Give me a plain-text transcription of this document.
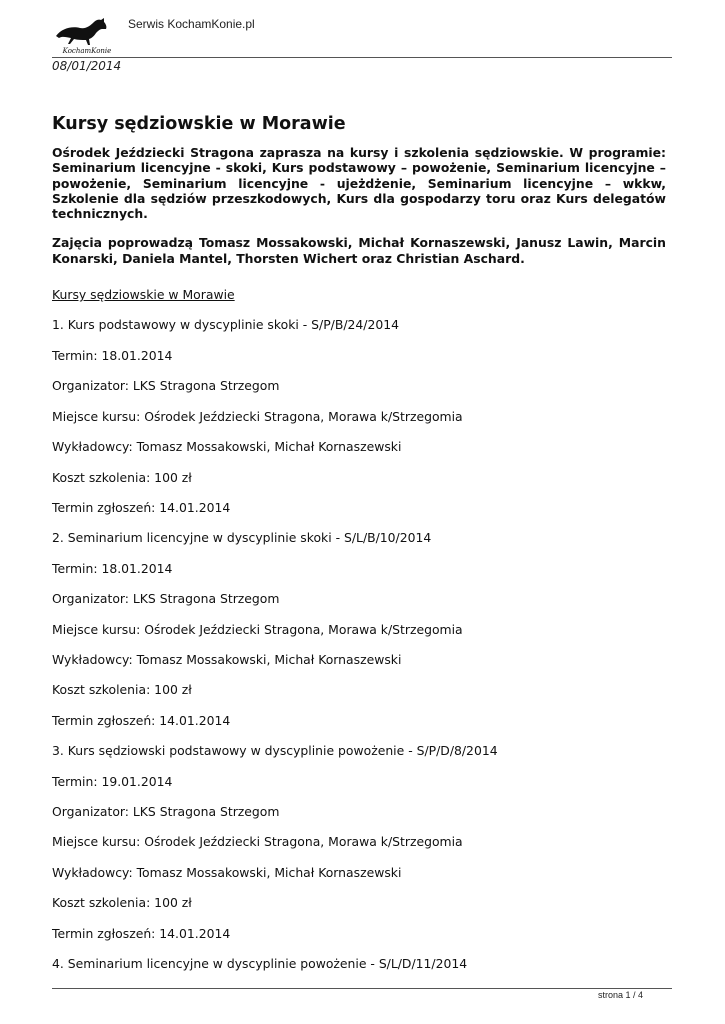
KochamKonie
Serwis KochamKonie.pl
08/01/2014
Kursy sędziowskie w Morawie

Ośrodek Jeździecki Stragona zaprasza na kursy i szkolenia sędziowskie. W programie: Seminarium licencyjne - skoki, Kurs podstawowy – powożenie, Seminarium licencyjne – powożenie, Seminarium licencyjne - ujeżdżenie, Seminarium licencyjne – wkkw, Szkolenie dla sędziów przeszkodowych, Kurs dla gospodarzy toru oraz Kurs delegatów technicznych.

Zajęcia poprowadzą Tomasz Mossakowski, Michał Kornaszewski, Janusz Lawin, Marcin Konarski, Daniela Mantel, Thorsten Wichert oraz Christian Aschard.

Kursy sędziowskie w Morawie

1. Kurs podstawowy w dyscyplinie skoki - S/P/B/24/2014

Termin: 18.01.2014

Organizator: LKS Stragona Strzegom

Miejsce kursu: Ośrodek Jeździecki Stragona, Morawa k/Strzegomia

Wykładowcy: Tomasz Mossakowski, Michał Kornaszewski

Koszt szkolenia: 100 zł

Termin zgłoszeń: 14.01.2014

2. Seminarium licencyjne w dyscyplinie skoki - S/L/B/10/2014

Termin: 18.01.2014

Organizator: LKS Stragona Strzegom

Miejsce kursu: Ośrodek Jeździecki Stragona, Morawa k/Strzegomia

Wykładowcy: Tomasz Mossakowski, Michał Kornaszewski

Koszt szkolenia: 100 zł

Termin zgłoszeń: 14.01.2014

3. Kurs sędziowski podstawowy w dyscyplinie powożenie - S/P/D/8/2014

Termin: 19.01.2014

Organizator: LKS Stragona Strzegom

Miejsce kursu: Ośrodek Jeździecki Stragona, Morawa k/Strzegomia

Wykładowcy: Tomasz Mossakowski, Michał Kornaszewski

Koszt szkolenia: 100 zł

Termin zgłoszeń: 14.01.2014

4. Seminarium licencyjne w dyscyplinie powożenie - S/L/D/11/2014

strona 1 / 4
